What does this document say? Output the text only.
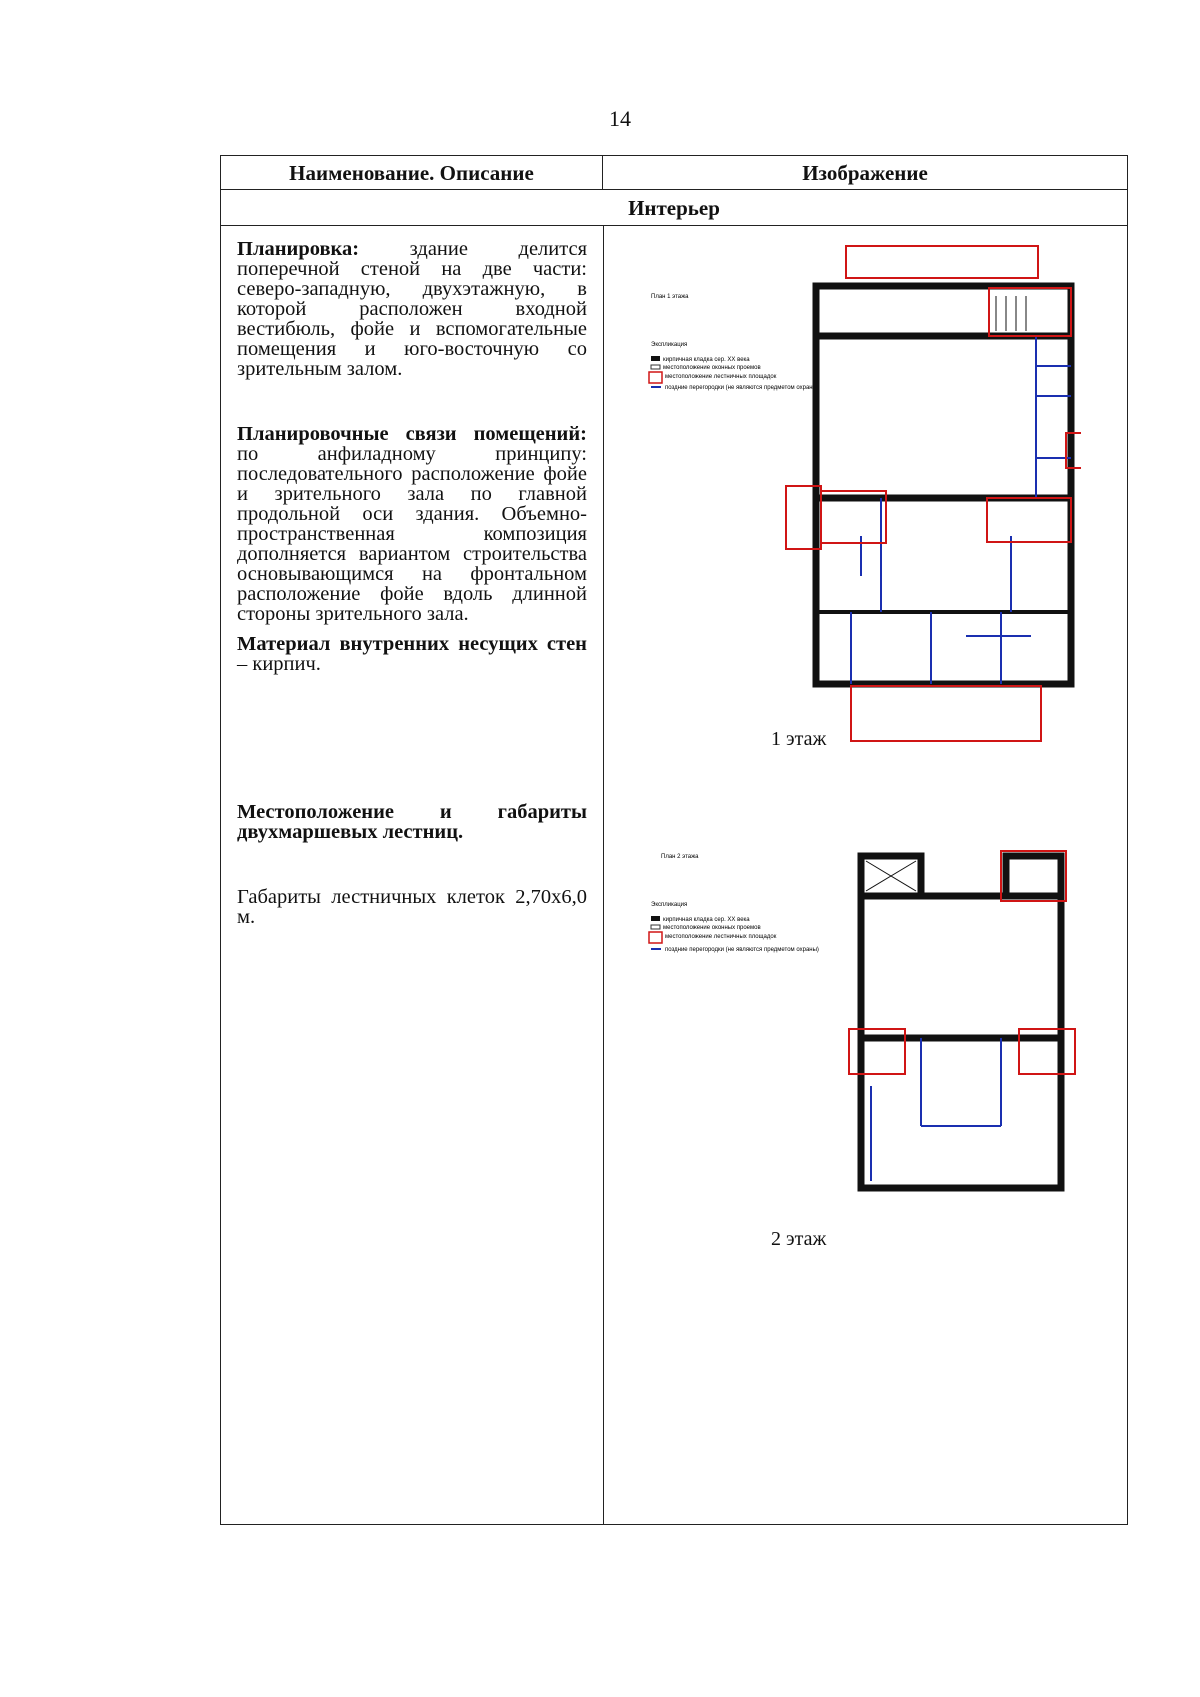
14
Наименование. Описание	Изображение
Интерьер

Планировка: здание делится поперечной стеной на две части: северо-западную, двухэтажную, в которой расположен входной вестибюль, фойе и вспомогательные помещения и юго-восточную со зрительным залом.

Планировочные связи помещений: по анфиладному принципу: последовательного расположение фойе и зрительного зала по главной продольной оси здания. Объемно-пространственная композиция дополняется вариантом строительства основывающимся на фронтальном расположение фойе вдоль длинной стороны зрительного зала.

Материал внутренних несущих стен – кирпич.

Местоположение и габариты двухмаршевых лестниц.

Габариты лестничных клеток 2,70х6,0 м.

План 1 этажа
Экспликация
кирпичная кладка сер. XX века
местоположение оконных проемов
местоположение лестничных площадок
поздние перегородки (не являются предметом охраны)
1 этаж
План 2 этажа
Экспликация
кирпичная кладка сер. XX века
местоположение оконных проемов
местоположение лестничных площадок
поздние перегородки (не являются предметом охраны)
2 этаж
